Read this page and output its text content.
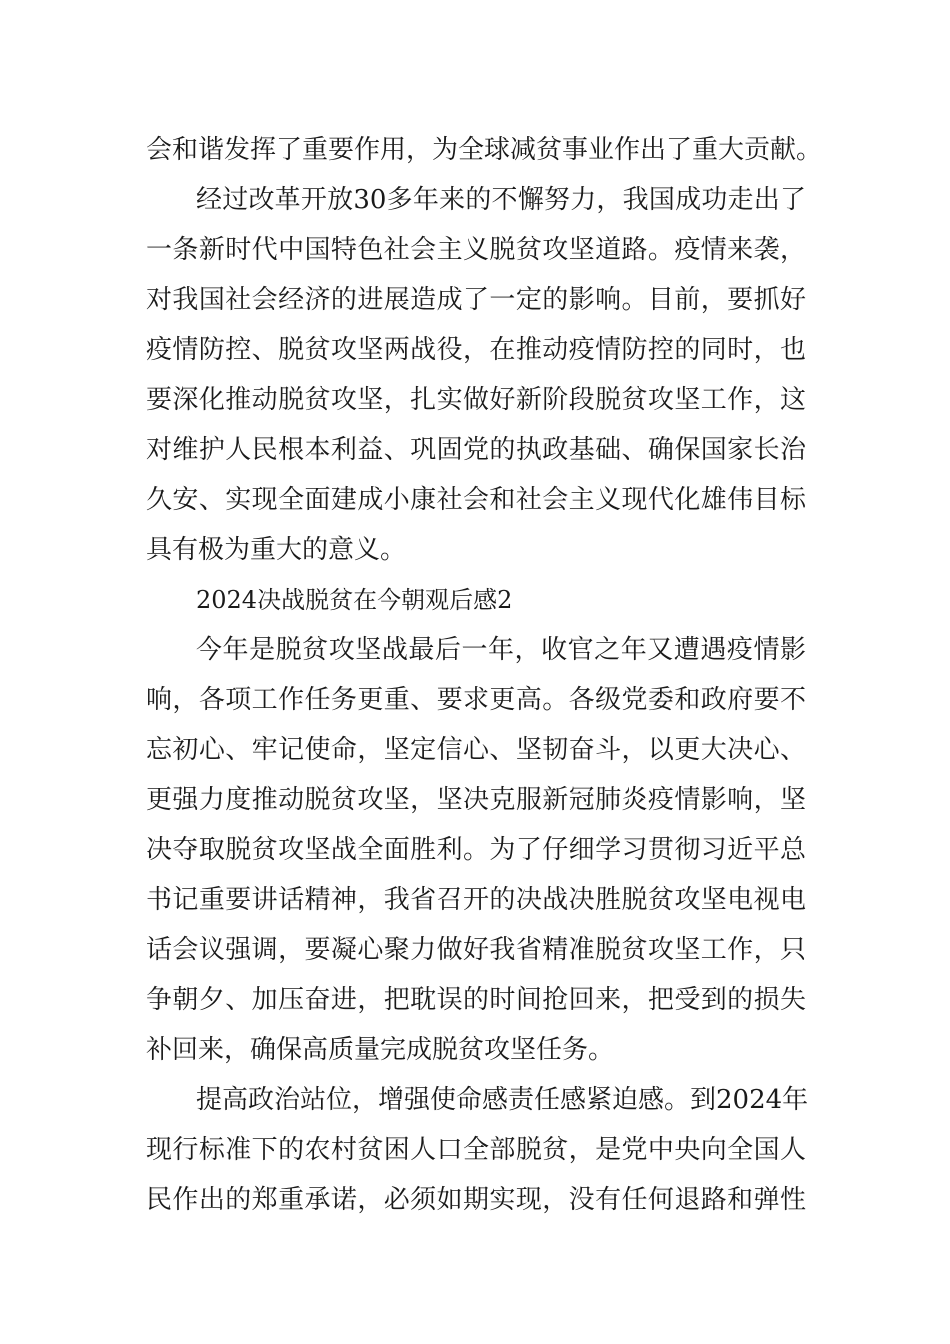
会和谐发挥了重要作用，为全球减贫事业作出了重大贡献。
经过改革开放30多年来的不懈努力，我国成功走出了
一条新时代中国特色社会主义脱贫攻坚道路。疫情来袭，
对我国社会经济的进展造成了一定的影响。目前，要抓好
疫情防控、脱贫攻坚两战役，在推动疫情防控的同时，也
要深化推动脱贫攻坚，扎实做好新阶段脱贫攻坚工作，这
对维护人民根本利益、巩固党的执政基础、确保国家长治
久安、实现全面建成小康社会和社会主义现代化雄伟目标
具有极为重大的意义。
2024决战脱贫在今朝观后感2
今年是脱贫攻坚战最后一年，收官之年又遭遇疫情影
响，各项工作任务更重、要求更高。各级党委和政府要不
忘初心、牢记使命，坚定信心、坚韧奋斗，以更大决心、
更强力度推动脱贫攻坚，坚决克服新冠肺炎疫情影响，坚
决夺取脱贫攻坚战全面胜利。为了仔细学习贯彻习近平总
书记重要讲话精神，我省召开的决战决胜脱贫攻坚电视电
话会议强调，要凝心聚力做好我省精准脱贫攻坚工作，只
争朝夕、加压奋进，把耽误的时间抢回来，把受到的损失
补回来，确保高质量完成脱贫攻坚任务。
提高政治站位，增强使命感责任感紧迫感。到2024年
现行标准下的农村贫困人口全部脱贫，是党中央向全国人
民作出的郑重承诺，必须如期实现，没有任何退路和弹性
